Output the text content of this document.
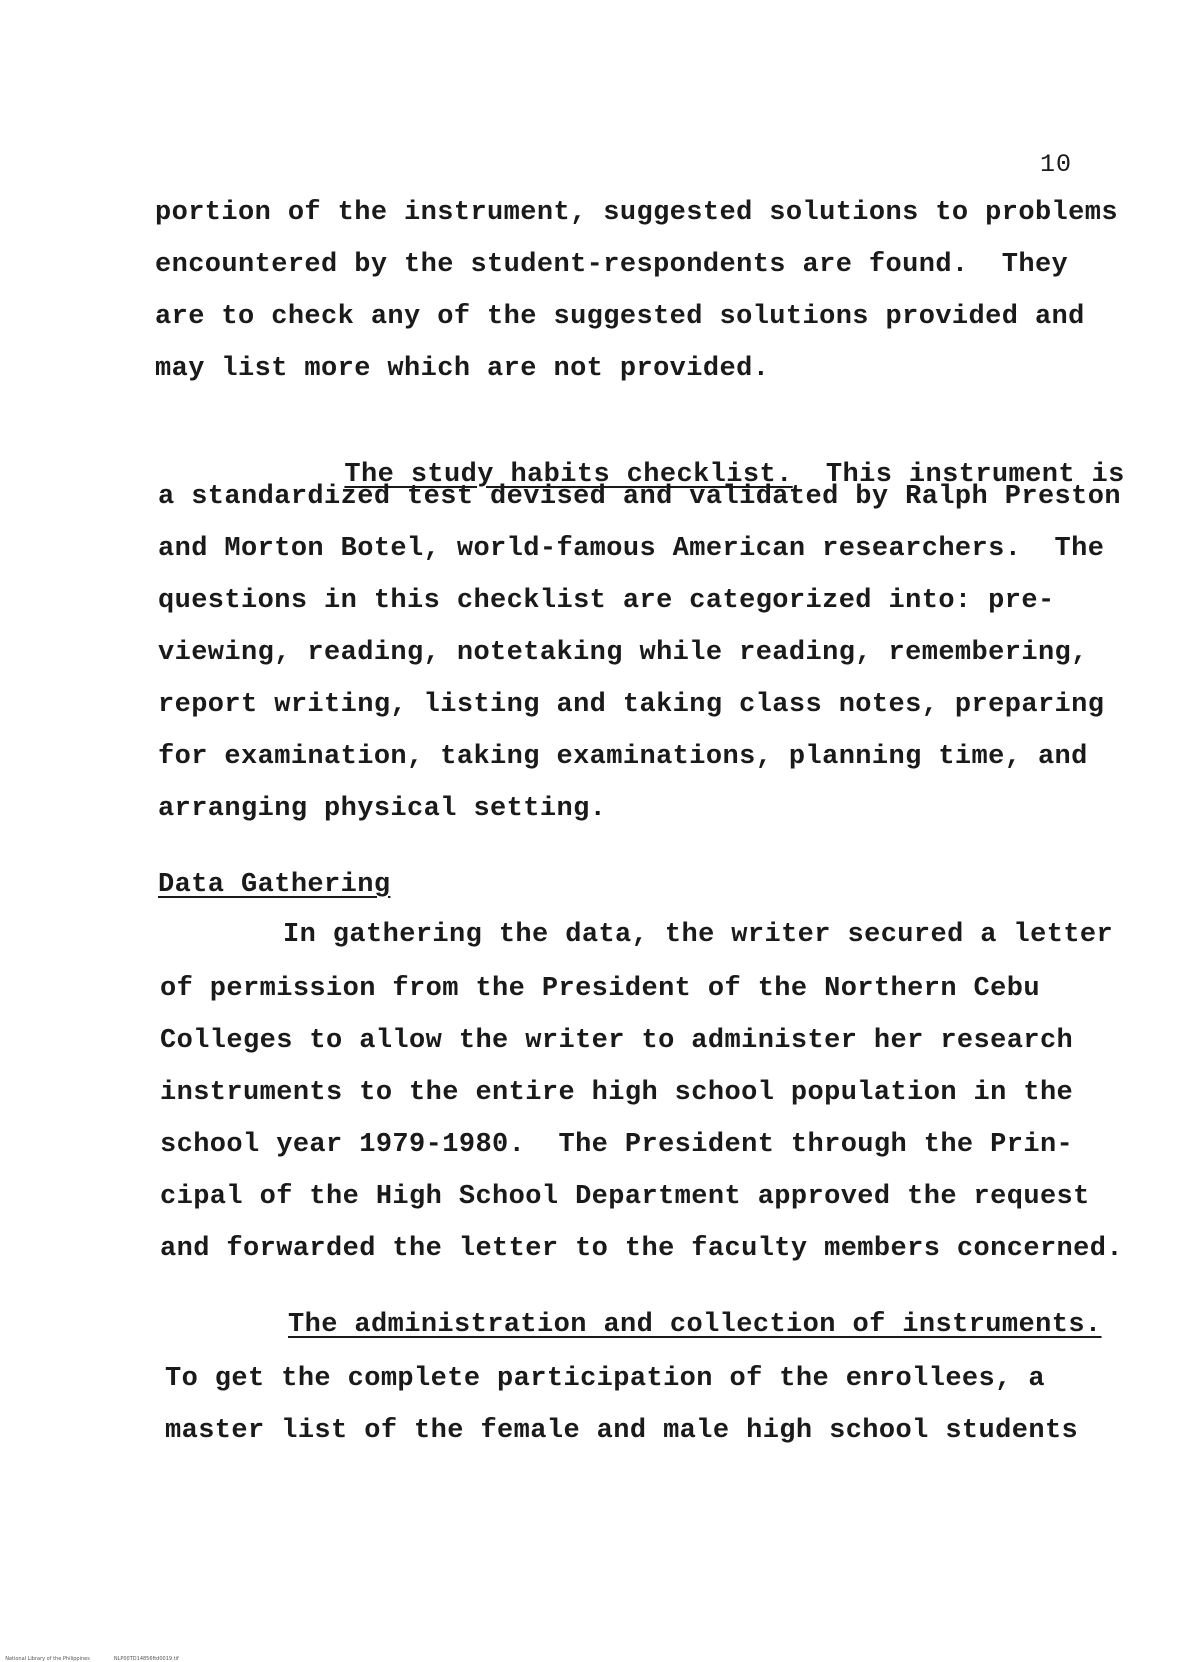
10
portion of the instrument, suggested solutions to problems
encountered by the student-respondents are found.  They
are to check any of the suggested solutions provided and
may list more which are not provided.

The study habits checklist.  This instrument is

a standardized test devised and validated by Ralph Preston
and Morton Botel, world-famous American researchers.  The
questions in this checklist are categorized into: pre-
viewing, reading, notetaking while reading, remembering,
report writing, listing and taking class notes, preparing
for examination, taking examinations, planning time, and
arranging physical setting.
Data Gathering
In gathering the data, the writer secured a letter
of permission from the President of the Northern Cebu
Colleges to allow the writer to administer her research
instruments to the entire high school population in the
school year 1979-1980.  The President through the Prin-
cipal of the High School Department approved the request
and forwarded the letter to the faculty members concerned.
The administration and collection of instruments.
To get the complete participation of the enrollees, a
master list of the female and male high school students

National Library of the Philippines	NLP00TD14856ftd0019.tif
